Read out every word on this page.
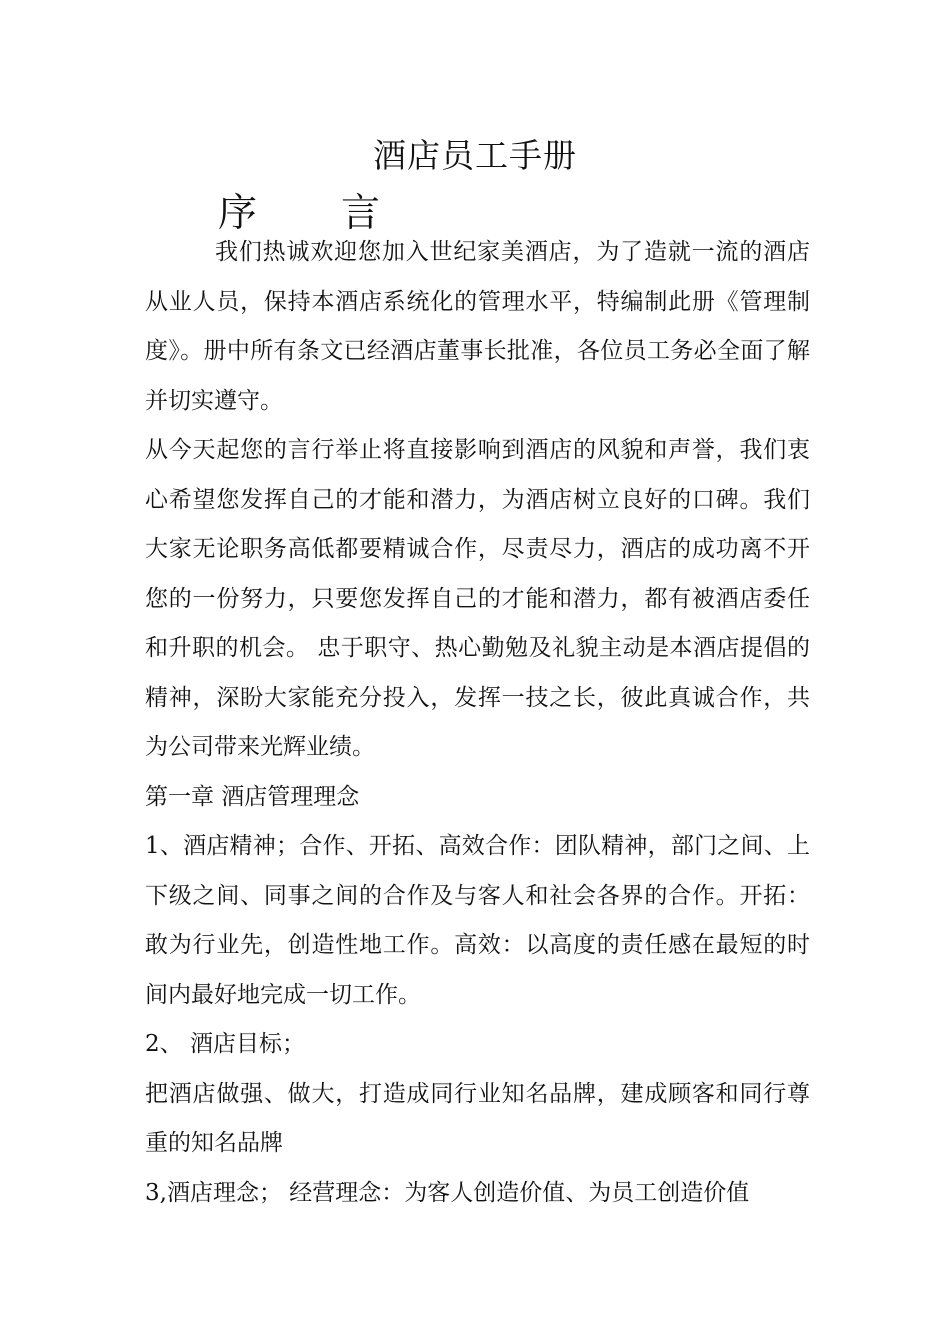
酒店员工手册
序 言

我们热诚欢迎您加入世纪家美酒店，为了造就一流的酒店从业人员，保持本酒店系统化的管理水平，特编制此册《管理制度》。册中所有条文已经酒店董事长批准，各位员工务必全面了解并切实遵守。

从今天起您的言行举止将直接影响到酒店的风貌和声誉，我们衷心希望您发挥自己的才能和潜力，为酒店树立良好的口碑。我们大家无论职务高低都要精诚合作，尽责尽力，酒店的成功离不开您的一份努力，只要您发挥自己的才能和潜力，都有被酒店委任和升职的机会。 忠于职守、热心勤勉及礼貌主动是本酒店提倡的精神，深盼大家能充分投入，发挥一技之长，彼此真诚合作，共为公司带来光辉业绩。

第一章 酒店管理理念

1、酒店精神；合作、开拓、高效合作：团队精神，部门之间、上下级之间、同事之间的合作及与客人和社会各界的合作。开拓：敢为行业先，创造性地工作。高效：以高度的责任感在最短的时间内最好地完成一切工作。

2、 酒店目标；

把酒店做强、做大，打造成同行业知名品牌，建成顾客和同行尊重的知名品牌

3,酒店理念； 经营理念：为客人创造价值、为员工创造价值
